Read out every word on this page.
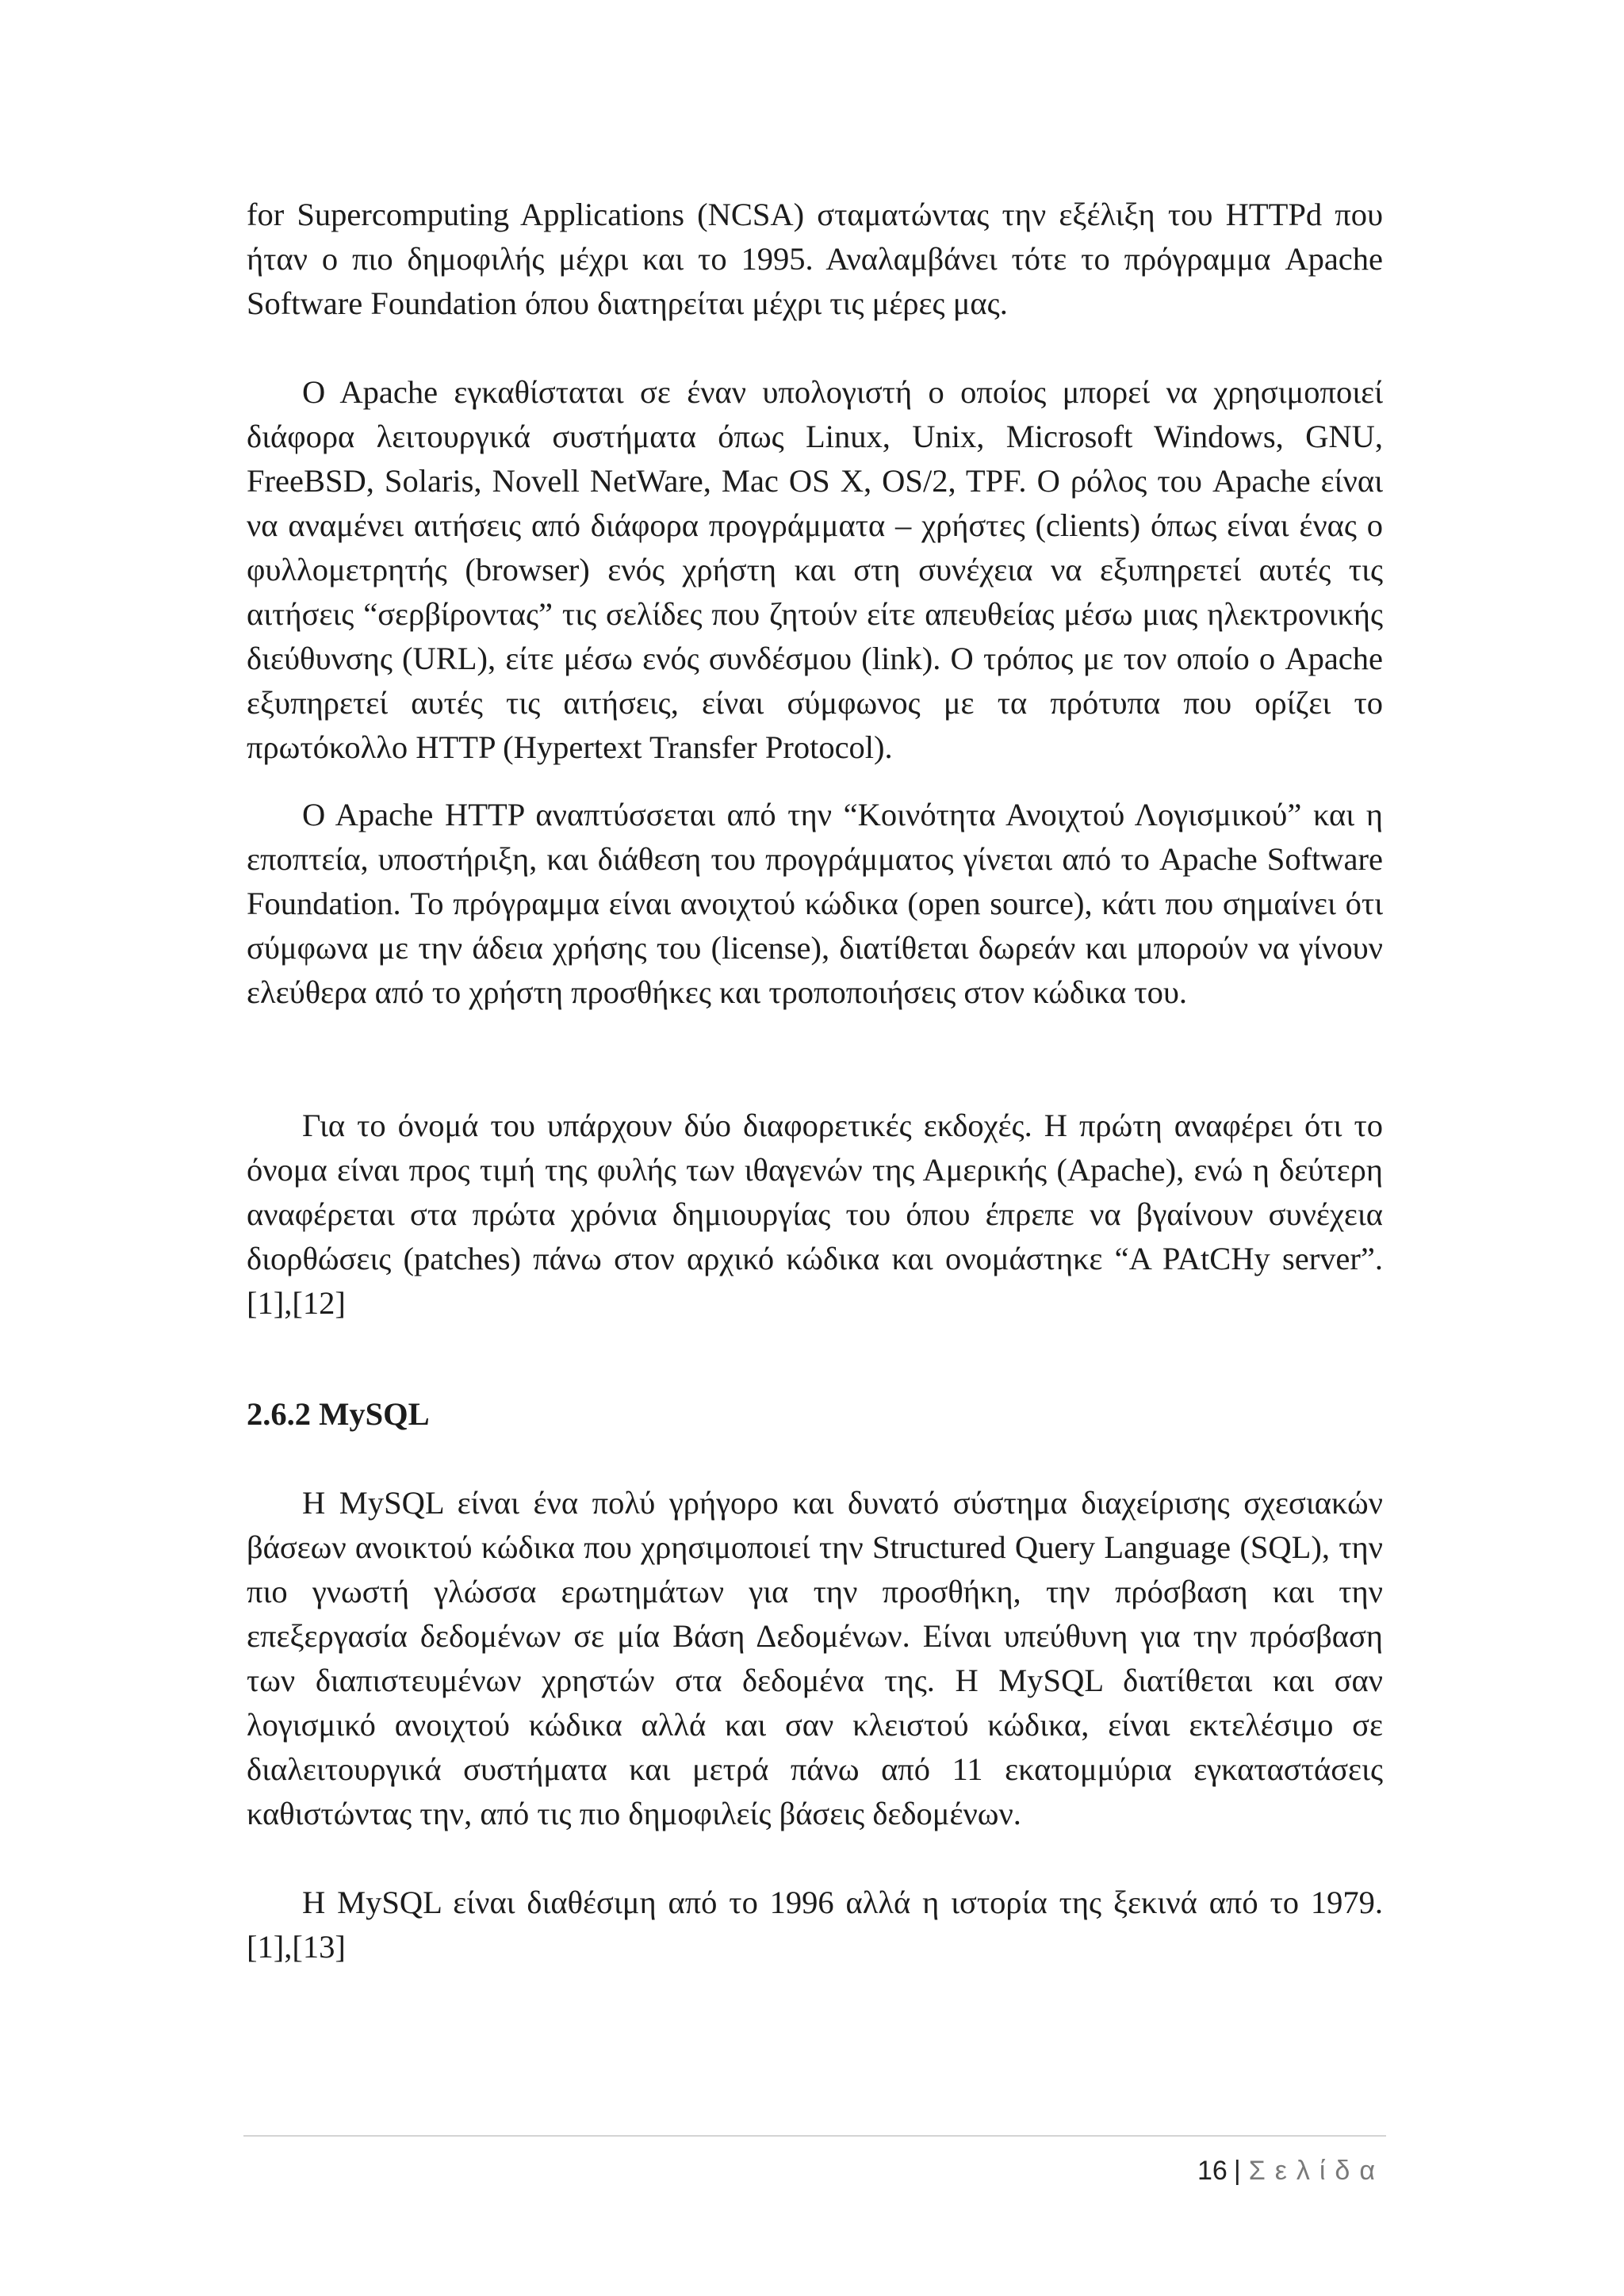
for Supercomputing Applications (NCSA) σταματώντας την εξέλιξη του HTTPd που ήταν ο πιο δημοφιλής μέχρι και το 1995. Αναλαμβάνει τότε το πρόγραμμα Apache Software Foundation όπου διατηρείται μέχρι τις μέρες μας.

O Apache εγκαθίσταται σε έναν υπολογιστή ο οποίος μπορεί να χρησιμοποιεί διάφορα λειτουργικά συστήματα όπως Linux, Unix, Microsoft Windows, GNU, FreeBSD, Solaris, Novell NetWare, Mac OS X, OS/2, TPF. Ο ρόλος του Apache είναι να αναμένει αιτήσεις από διάφορα προγράμματα – χρήστες (clients) όπως είναι ένας ο φυλλομετρητής (browser) ενός χρήστη και στη συνέχεια να εξυπηρετεί αυτές τις αιτήσεις “σερβίροντας” τις σελίδες που ζητούν είτε απευθείας μέσω μιας ηλεκτρονικής διεύθυνσης (URL), είτε μέσω ενός συνδέσμου (link). Ο τρόπος με τον οποίο ο Apache εξυπηρετεί αυτές τις αιτήσεις, είναι σύμφωνος με τα πρότυπα που ορίζει το πρωτόκολλο HTTP (Hypertext Transfer Protocol).

O Apache HTTP αναπτύσσεται από την “Κοινότητα Ανοιχτού Λογισμικού” και η εποπτεία, υποστήριξη, και διάθεση του προγράμματος γίνεται από το Apache Software Foundation. Το πρόγραμμα είναι ανοιχτού κώδικα (open source), κάτι που σημαίνει ότι σύμφωνα με την άδεια χρήσης του (license), διατίθεται δωρεάν και μπορούν να γίνουν ελεύθερα από το χρήστη προσθήκες και τροποποιήσεις στον κώδικα του.

Για το όνομά του υπάρχουν δύο διαφορετικές εκδοχές. Η πρώτη αναφέρει ότι το όνομα είναι προς τιμή της φυλής των ιθαγενών της Αμερικής (Apache), ενώ η δεύτερη αναφέρεται στα πρώτα χρόνια δημιουργίας του όπου έπρεπε να βγαίνουν συνέχεια διορθώσεις (patches) πάνω στον αρχικό κώδικα και ονομάστηκε “A PAtCHy server”. [1],[12]

2.6.2 MySQL

H MySQL είναι ένα πολύ γρήγορο και δυνατό σύστημα διαχείρισης σχεσιακών βάσεων ανοικτού κώδικα που χρησιμοποιεί την Structured Query Language (SQL), την πιο γνωστή γλώσσα ερωτημάτων για την προσθήκη, την πρόσβαση και την επεξεργασία δεδομένων σε μία Βάση Δεδομένων. Είναι υπεύθυνη για την πρόσβαση των διαπιστευμένων χρηστών στα δεδομένα της. Η MySQL διατίθεται και σαν λογισμικό ανοιχτού κώδικα αλλά και σαν κλειστού κώδικα, είναι εκτελέσιμο σε διαλειτουργικά συστήματα και μετρά πάνω από 11 εκατομμύρια εγκαταστάσεις καθιστώντας την, από τις πιο δημοφιλείς βάσεις δεδομένων.

H MySQL είναι διαθέσιμη από το 1996 αλλά η ιστορία της ξεκινά από το 1979. [1],[13]

16 | Σελίδα
